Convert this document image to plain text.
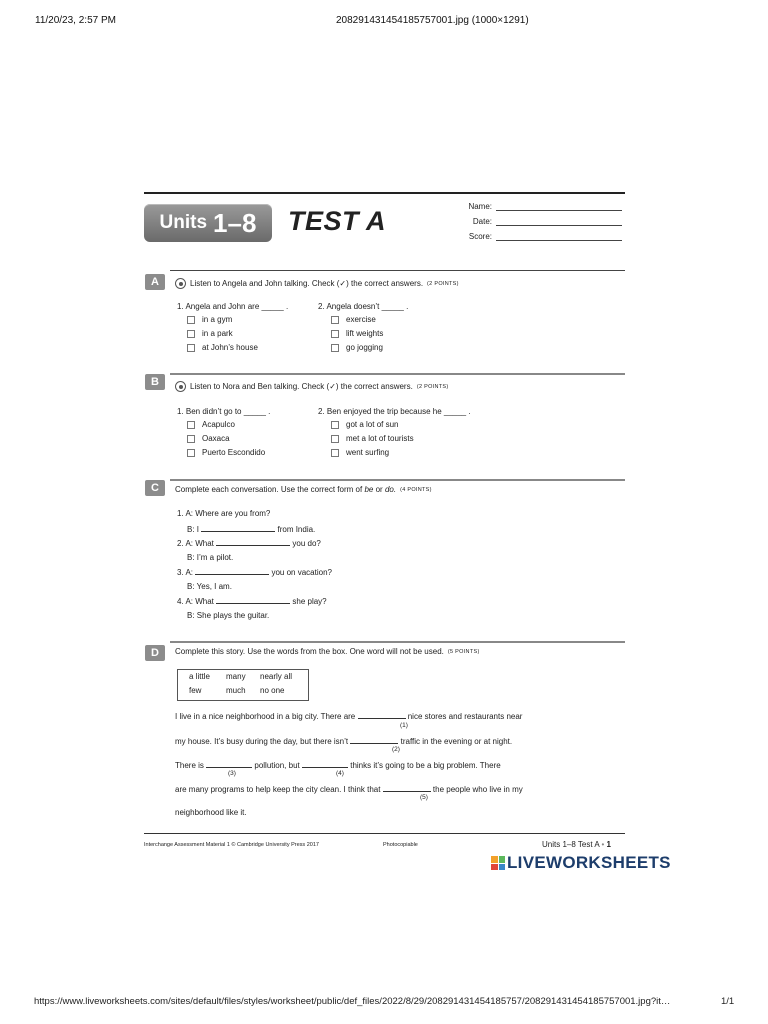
11/20/23, 2:57 PM	20829143145418575​7001.jpg (1000×1291)
Units 1–8 TEST A	Name:
Date:
Score:
A	Listen to Angela and John talking. Check (✓) the correct answers. (2 POINTS)
1. Angela and John are _____ .
in a gym
in a park
at John’s house
2. Angela doesn’t _____ .
exercise
lift weights
go jogging
B	Listen to Nora and Ben talking. Check (✓) the correct answers. (2 POINTS)
1. Ben didn’t go to _____ .
Acapulco
Oaxaca
Puerto Escondido
2. Ben enjoyed the trip because he _____ .
got a lot of sun
met a lot of tourists
went surfing
C	Complete each conversation. Use the correct form of be or do. (4 POINTS)
1. A: Where are you from?
B: I	from India.
2. A: What	you do?
B: I’m a pilot.
3. A:	you on vacation?
B: Yes, I am.
4. A: What	she play?
B: She plays the guitar.
D	Complete this story. Use the words from the box. One word will not be used. (5 POINTS)
a little many nearly all
few	much no one
I live in a nice neighborhood in a big city. There are	nice stores and restaurants near
(1)
my house. It’s busy during the day, but there isn’t	traffic in the evening or at night.
(2)
There is	pollution, but	thinks it’s going to be a big problem. There
(3)	(4)
are many programs to help keep the city clean. I think that	the people who live in my
(5)
neighborhood like it.
Interchange Assessment Material 1 © Cambridge University Press 2017	Photocopiable	Units 1–8 Test A • 1
LIVEWORKSHEETS
https://www.liveworksheets.com/sites/default/files/styles/worksheet/public/def_files/2022/8/29/20829143145418575​7/20829143145418575​7001.jpg?it…	1/1
